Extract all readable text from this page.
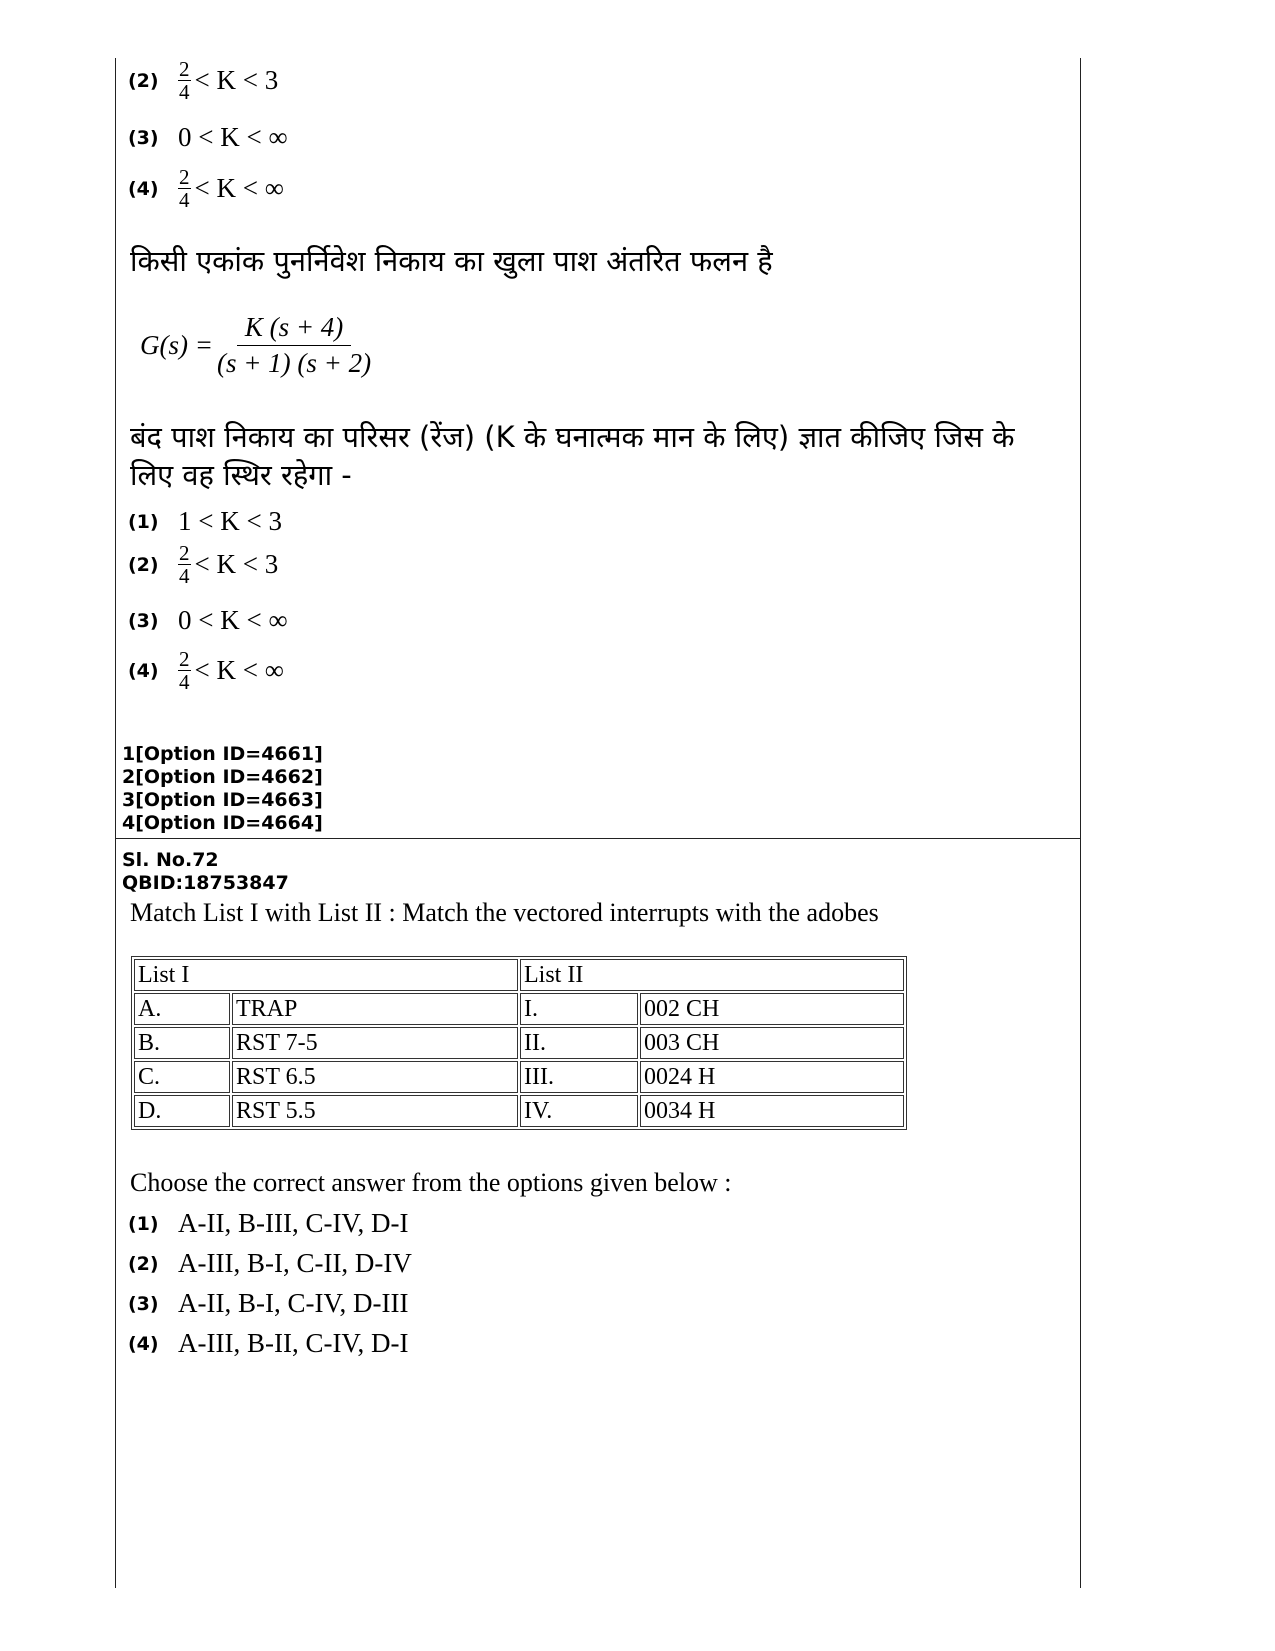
$(2) \frac{2}{4} < K < 3$
(3) 0 < K < ∞
$(4) \frac{2}{4} < K$ < ∞
किसी एकांक पुनर्निवेश निकाय का खुला पाश अंतरित फलन है
$G(s) = \frac{K (s + 4)}{(s + 1) (s + 2)}$
बंद पाश निकाय का परिसर (रेंज) (K के घनात्मक मान के लिए) ज्ञात कीजिए जिस के लिए वह स्थिर रहेगा -
(1) 1 < K < 3
$(2) \frac{2}{4} < K < 3$
(3) 0 < K < ∞
$(4) \frac{2}{4} < K$ < ∞
1[Option ID=4661]
2[Option ID=4662]
3[Option ID=4663]
4[Option ID=4664]
Sl. No.72
QBID:18753847
Match List I with List II : Match the vectored interrupts with the adobes
List I		List II	
A.	TRAP	I.	002 CH
B.	RST 7-5	II.	003 CH
C.	RST 6.5	III.	0024 H
D.	RST 5.5	IV.	0034 H
Choose the correct answer from the options given below :
(1) A-II, B-III, C-IV, D-I
(2) A-III, B-I, C-II, D-IV
(3) A-II, B-I, C-IV, D-III
(4) A-III, B-II, C-IV, D-I
